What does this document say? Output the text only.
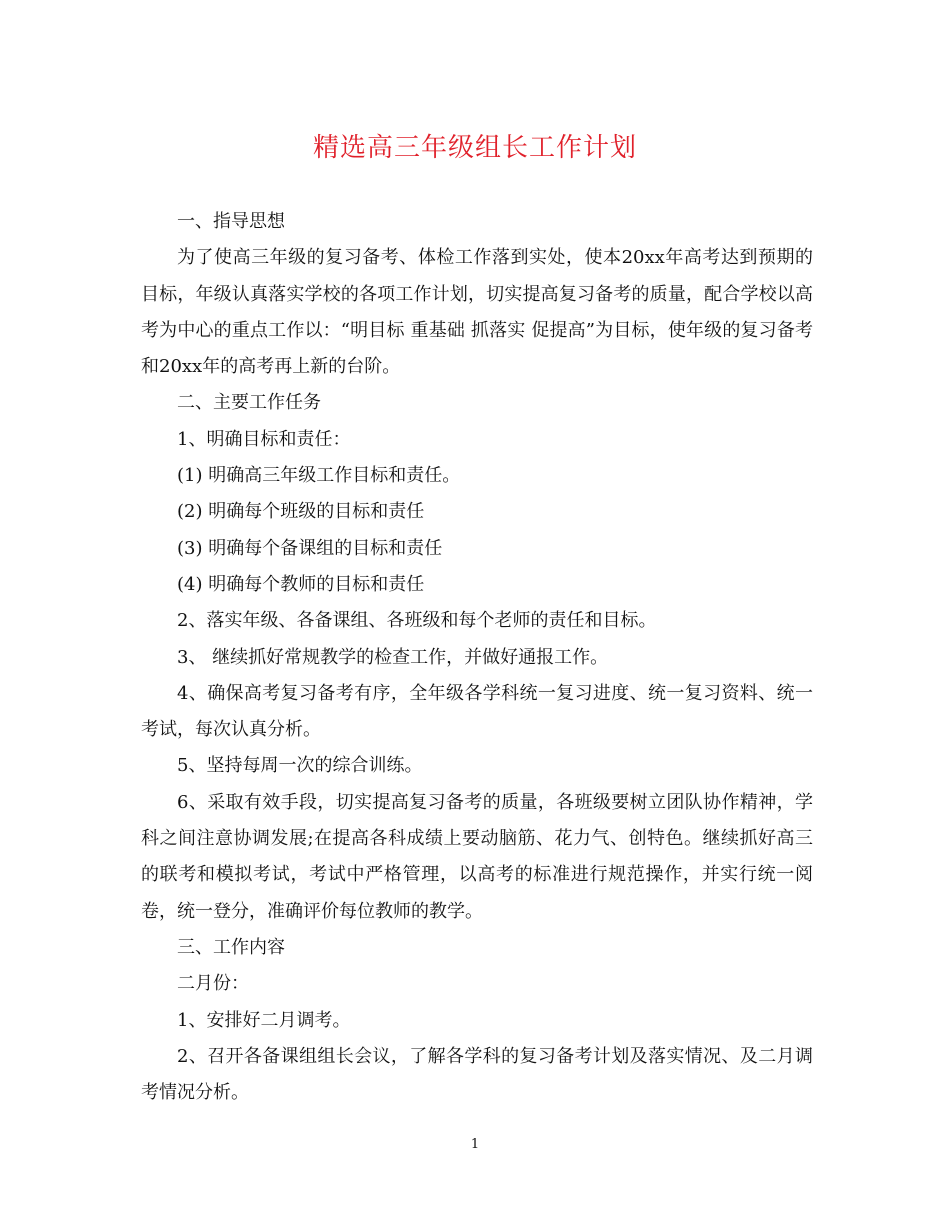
精选高三年级组长工作计划

一、指导思想

为了使高三年级的复习备考、体检工作落到实处，使本20xx年高考达到预期的目标，年级认真落实学校的各项工作计划，切实提高复习备考的质量，配合学校以高考为中心的重点工作以：“明目标 重基础 抓落实 促提高”为目标，使年级的复习备考和20xx年的高考再上新的台阶。

二、主要工作任务

1、明确目标和责任：

(1) 明确高三年级工作目标和责任。

(2) 明确每个班级的目标和责任

(3) 明确每个备课组的目标和责任

(4) 明确每个教师的目标和责任

2、落实年级、各备课组、各班级和每个老师的责任和目标。

3、 继续抓好常规教学的检查工作，并做好通报工作。

4、确保高考复习备考有序，全年级各学科统一复习进度、统一复习资料、统一考试，每次认真分析。

5、坚持每周一次的综合训练。

6、采取有效手段，切实提高复习备考的质量，各班级要树立团队协作精神，学科之间注意协调发展;在提高各科成绩上要动脑筋、花力气、创特色。继续抓好高三的联考和模拟考试，考试中严格管理，以高考的标准进行规范操作，并实行统一阅卷，统一登分，准确评价每位教师的教学。

三、工作内容

二月份：

1、安排好二月调考。

2、召开各备课组组长会议，了解各学科的复习备考计划及落实情况、及二月调考情况分析。

1
